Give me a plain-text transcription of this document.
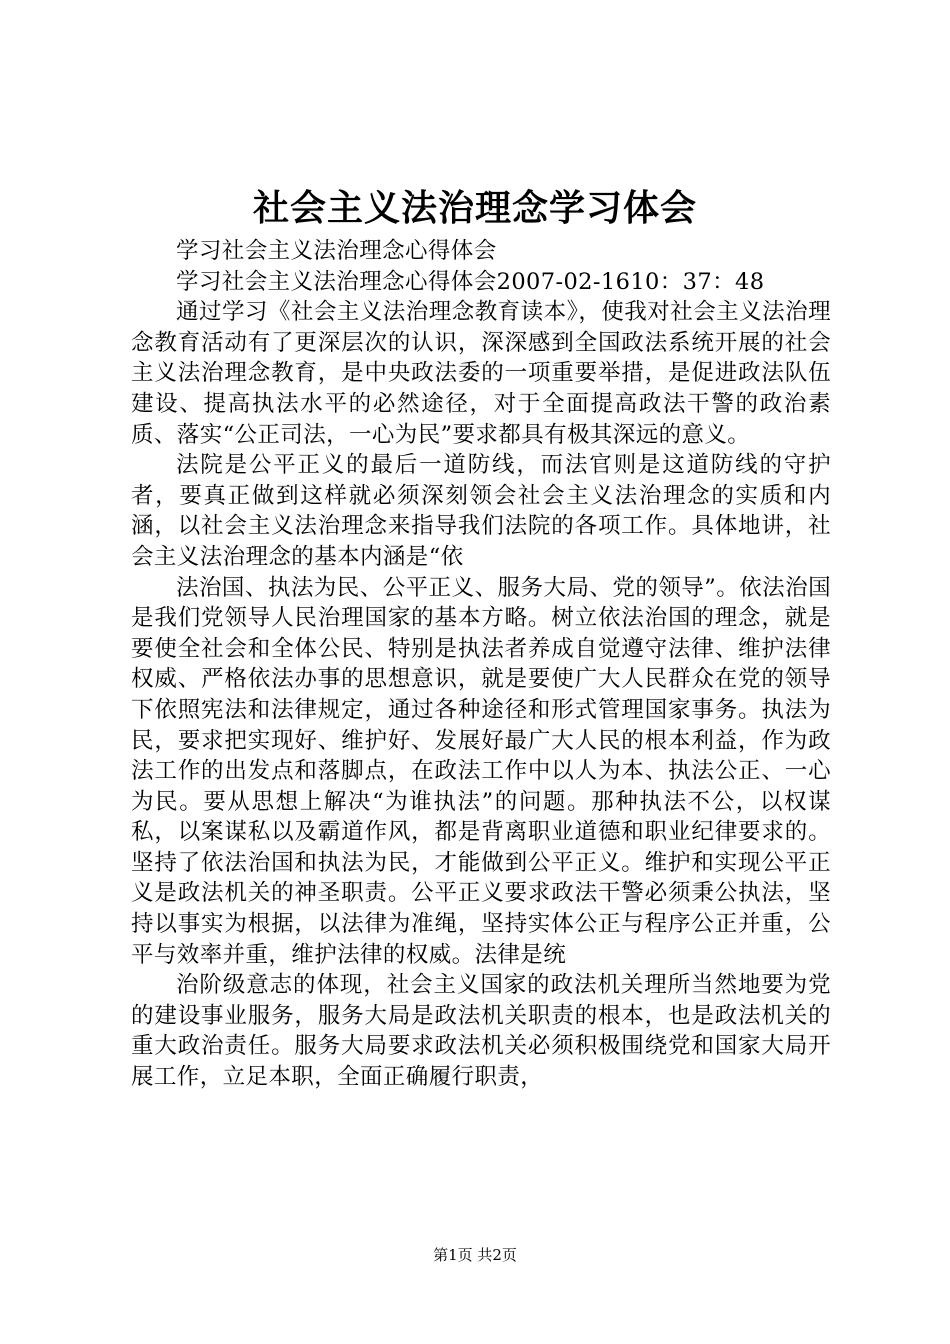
社会主义法治理念学习体会

学习社会主义法治理念心得体会

学习社会主义法治理念心得体会2007-02-1610：37：48

通过学习《社会主义法治理念教育读本》，使我对社会主义法治理念教育活动有了更深层次的认识，深深感到全国政法系统开展的社会主义法治理念教育，是中央政法委的一项重要举措，是促进政法队伍建设、提高执法水平的必然途径，对于全面提高政法干警的政治素质、落实“公正司法，一心为民”要求都具有极其深远的意义。

法院是公平正义的最后一道防线，而法官则是这道防线的守护者，要真正做到这样就必须深刻领会社会主义法治理念的实质和内涵，以社会主义法治理念来指导我们法院的各项工作。具体地讲，社会主义法治理念的基本内涵是“依

法治国、执法为民、公平正义、服务大局、党的领导”。依法治国是我们党领导人民治理国家的基本方略。树立依法治国的理念，就是要使全社会和全体公民、特别是执法者养成自觉遵守法律、维护法律权威、严格依法办事的思想意识，就是要使广大人民群众在党的领导下依照宪法和法律规定，通过各种途径和形式管理国家事务。执法为民，要求把实现好、维护好、发展好最广大人民的根本利益，作为政法工作的出发点和落脚点，在政法工作中以人为本、执法公正、一心为民。要从思想上解决“为谁执法”的问题。那种执法不公，以权谋私，以案谋私以及霸道作风，都是背离职业道德和职业纪律要求的。坚持了依法治国和执法为民，才能做到公平正义。维护和实现公平正义是政法机关的神圣职责。公平正义要求政法干警必须秉公执法，坚持以事实为根据，以法律为准绳，坚持实体公正与程序公正并重，公平与效率并重，维护法律的权威。法律是统

治阶级意志的体现，社会主义国家的政法机关理所当然地要为党的建设事业服务，服务大局是政法机关职责的根本，也是政法机关的重大政治责任。服务大局要求政法机关必须积极围绕党和国家大局开展工作，立足本职，全面正确履行职责，

第1页 共2页
